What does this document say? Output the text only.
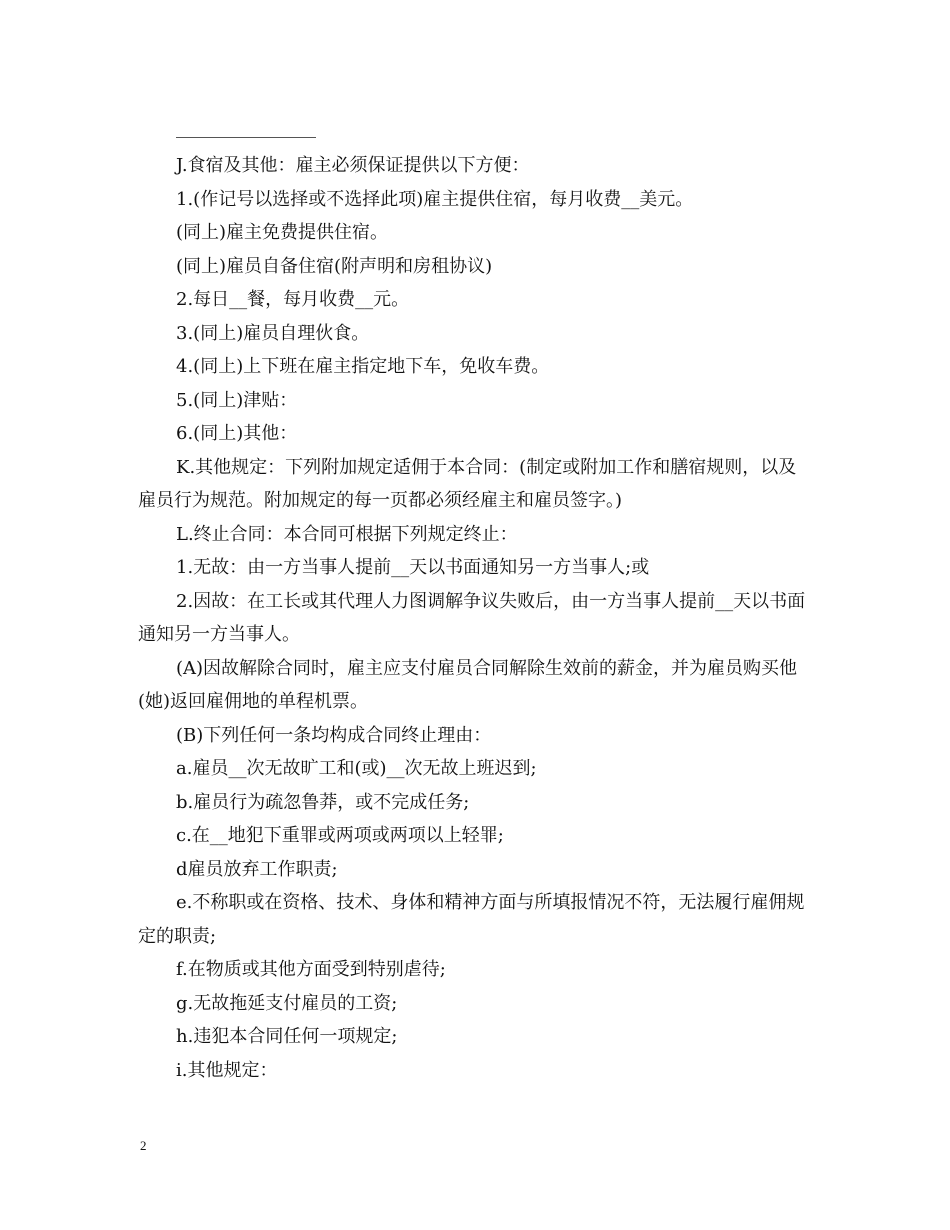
J.食宿及其他：雇主必须保证提供以下方便：

1.(作记号以选择或不选择此项)雇主提供住宿，每月收费__美元。

(同上)雇主免费提供住宿。

(同上)雇员自备住宿(附声明和房租协议)

2.每日__餐，每月收费__元。

3.(同上)雇员自理伙食。

4.(同上)上下班在雇主指定地下车，免收车费。

5.(同上)津贴：

6.(同上)其他：

K.其他规定：下列附加规定适佣于本合同：(制定或附加工作和膳宿规则，以及雇员行为规范。附加规定的每一页都必须经雇主和雇员签字。)

L.终止合同：本合同可根据下列规定终止：

1.无故：由一方当事人提前__天以书面通知另一方当事人;或

2.因故：在工长或其代理人力图调解争议失败后，由一方当事人提前__天以书面通知另一方当事人。

(A)因故解除合同时，雇主应支付雇员合同解除生效前的薪金，并为雇员购买他(她)返回雇佣地的单程机票。

(B)下列任何一条均构成合同终止理由：

a.雇员__次无故旷工和(或)__次无故上班迟到;

b.雇员行为疏忽鲁莽，或不完成任务;

c.在__地犯下重罪或两项或两项以上轻罪;

d雇员放弃工作职责;

e.不称职或在资格、技术、身体和精神方面与所填报情况不符，无法履行雇佣规定的职责;

f.在物质或其他方面受到特别虐待;

g.无故拖延支付雇员的工资;

h.违犯本合同任何一项规定;

i.其他规定：

2
